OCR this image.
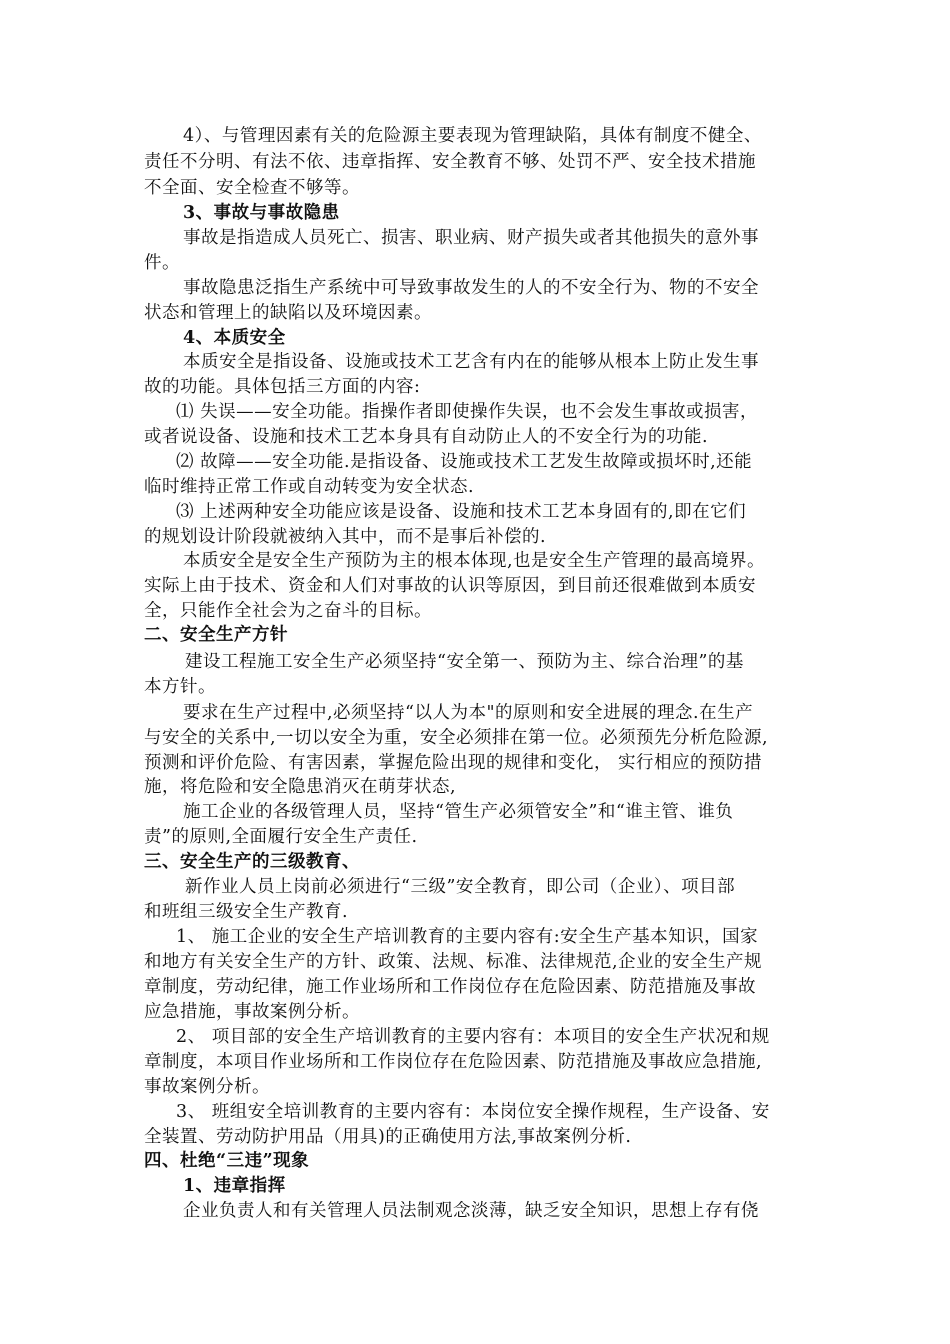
4）、与管理因素有关的危险源主要表现为管理缺陷，具体有制度不健全、
责任不分明、有法不依、违章指挥、安全教育不够、处罚不严、安全技术措施
不全面、安全检查不够等。
3、事故与事故隐患
事故是指造成人员死亡、损害、职业病、财产损失或者其他损失的意外事
件。
事故隐患泛指生产系统中可导致事故发生的人的不安全行为、物的不安全
状态和管理上的缺陷以及环境因素。
4、本质安全
本质安全是指设备、设施或技术工艺含有内在的能够从根本上防止发生事
故的功能。具体包括三方面的内容:
⑴ 失误——安全功能。指操作者即使操作失误，也不会发生事故或损害，
或者说设备、设施和技术工艺本身具有自动防止人的不安全行为的功能.
⑵ 故障——安全功能.是指设备、设施或技术工艺发生故障或损坏时,还能
临时维持正常工作或自动转变为安全状态.
⑶ 上述两种安全功能应该是设备、设施和技术工艺本身固有的,即在它们
的规划设计阶段就被纳入其中，而不是事后补偿的.
本质安全是安全生产预防为主的根本体现,也是安全生产管理的最高境界。
实际上由于技术、资金和人们对事故的认识等原因，到目前还很难做到本质安
全，只能作全社会为之奋斗的目标。
二、安全生产方针
建设工程施工安全生产必须坚持“安全第一、预防为主、综合治理”的基
本方针。
要求在生产过程中,必须坚持“以人为本"的原则和安全进展的理念.在生产
与安全的关系中,一切以安全为重，安全必须排在第一位。必须预先分析危险源,
预测和评价危险、有害因素，掌握危险出现的规律和变化， 实行相应的预防措
施，将危险和安全隐患消灭在萌芽状态,
施工企业的各级管理人员，坚持“管生产必须管安全”和“谁主管、谁负
责”的原则,全面履行安全生产责任.
三、安全生产的三级教育、
新作业人员上岗前必须进行“三级”安全教育，即公司（企业）、项目部
和班组三级安全生产教育.
1、 施工企业的安全生产培训教育的主要内容有:安全生产基本知识，国家
和地方有关安全生产的方针、政策、法规、标准、法律规范,企业的安全生产规
章制度，劳动纪律，施工作业场所和工作岗位存在危险因素、防范措施及事故
应急措施，事故案例分析。
2、 项目部的安全生产培训教育的主要内容有：本项目的安全生产状况和规
章制度，本项目作业场所和工作岗位存在危险因素、防范措施及事故应急措施,
事故案例分析。
3、 班组安全培训教育的主要内容有：本岗位安全操作规程，生产设备、安
全装置、劳动防护用品（用具)的正确使用方法,事故案例分析.
四、杜绝“三违”现象
1、违章指挥
企业负责人和有关管理人员法制观念淡薄，缺乏安全知识，思想上存有侥
